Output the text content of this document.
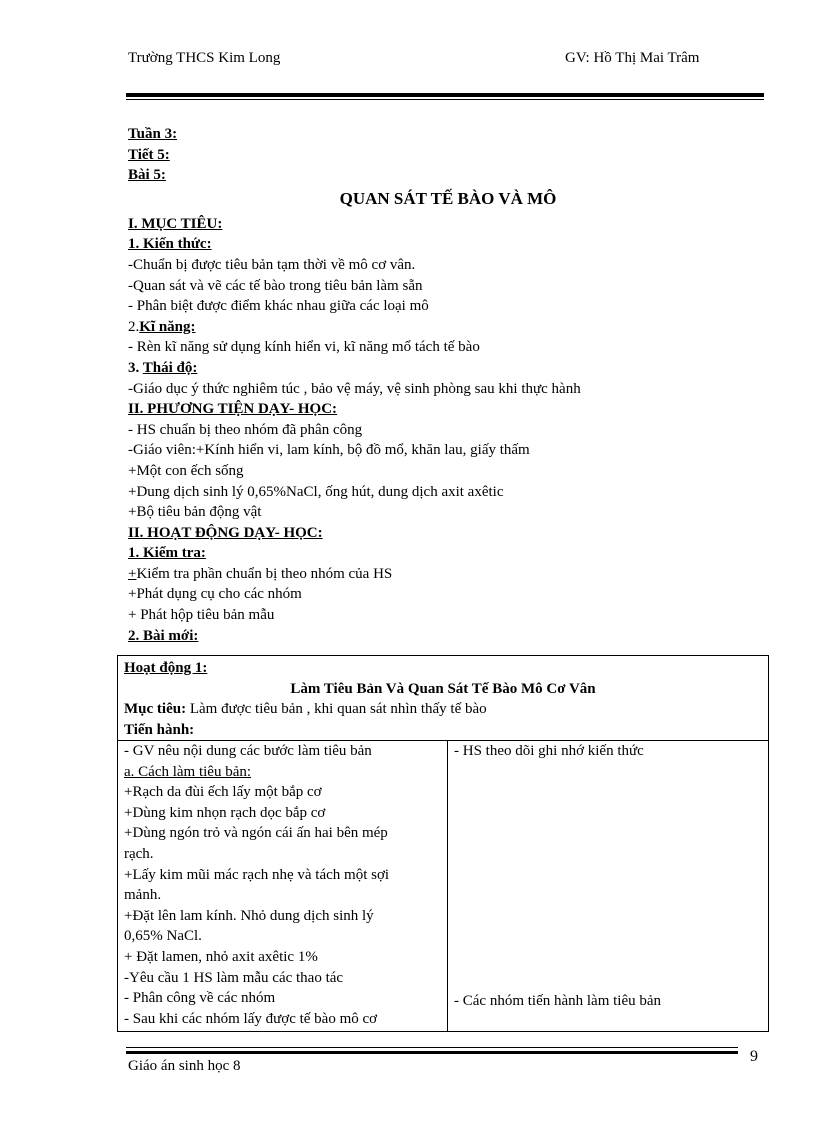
Trường THCS Kim Long	GV: Hồ Thị Mai Trâm
Tuần 3:
Tiết 5:
Bài 5:
QUAN SÁT TẾ BÀO VÀ MÔ
I. MỤC TIÊU:
1. Kiến thức:
-Chuẩn bị được tiêu bản tạm thời về mô cơ vân.
-Quan sát và vẽ các tế bào trong tiêu bản làm sẵn
- Phân biệt được điểm khác nhau giữa các loại mô
2.Kĩ năng:
- Rèn kĩ năng sử dụng kính hiển vi, kĩ năng mổ tách tế bào
3. Thái độ:
-Giáo dục ý thức nghiêm túc , bảo vệ máy, vệ sinh phòng sau khi thực hành
II. PHƯƠNG TIỆN DẠY- HỌC:
- HS chuẩn bị theo nhóm đã phân công
-Giáo viên:+Kính hiển vi, lam kính, bộ đồ mổ, khăn lau, giấy thấm
+Một con ếch sống
+Dung dịch sinh lý 0,65%NaCl, ống hút, dung dịch axit axêtic
+Bộ tiêu bản động vật
II. HOẠT ĐỘNG DẠY- HỌC:
1. Kiểm tra:
+Kiểm tra phần chuẩn bị theo nhóm của HS
+Phát dụng cụ cho các nhóm
+ Phát hộp tiêu bản mẫu
2. Bài mới:
Hoạt động 1:
Làm Tiêu Bản Và Quan Sát Tế Bào Mô Cơ Vân
Mục tiêu: Làm được tiêu bản , khi quan sát nhìn thấy tế bào
Tiến hành:
- GV nêu nội dung các bước làm tiêu bản
a. Cách làm tiêu bản:
+Rạch da đùi ếch lấy một bắp cơ
+Dùng kim nhọn rạch dọc bắp cơ
+Dùng ngón trỏ và ngón cái ấn hai bên mép
rạch.
+Lấy kim mũi mác rạch nhẹ và tách một sợi
mảnh.
+Đặt lên lam kính. Nhỏ dung dịch sinh lý
0,65% NaCl.
+ Đặt lamen, nhỏ axit axêtic 1%
-Yêu cầu 1 HS làm mẫu các thao tác
- Phân công về các nhóm
- Sau khi các nhóm lấy được tế bào mô cơ
- HS theo dõi ghi nhớ kiến thức
- Các nhóm tiến hành làm tiêu bản
Giáo án sinh học 8
9
